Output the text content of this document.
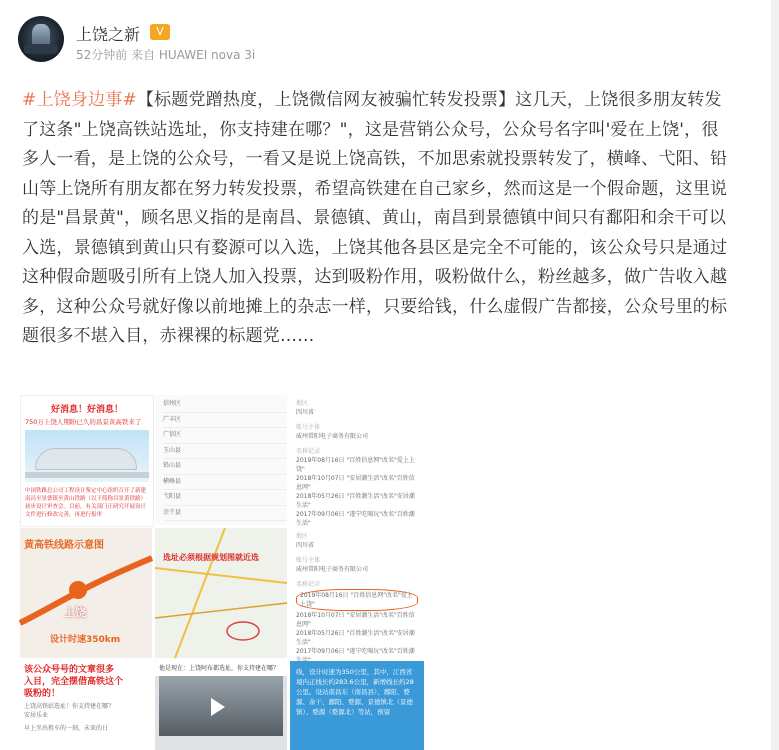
上饶之新	V
52分钟前 来自 HUAWEI nova 3i
#上饶身边事#【标题党蹭热度，上饶微信网友被骗忙转发投票】这几天，上饶很多朋友转发了这条"上饶高铁站选址，你支持建在哪？"，这是营销公众号，公众号名字叫'爱在上饶'，很多人一看，是上饶的公众号，一看又是说上饶高铁，不加思索就投票转发了，横峰、弋阳、铅山等上饶所有朋友都在努力转发投票，希望高铁建在自己家乡，然而这是一个假命题，这里说的是"昌景黄"，顾名思义指的是南昌、景德镇、黄山，南昌到景德镇中间只有鄱阳和余干可以入选，景德镇到黄山只有婺源可以入选，上饶其他各县区是完全不可能的，该公众号只是通过这种假命题吸引所有上饶人加入投票，达到吸粉作用，吸粉做什么，粉丝越多，做广告收入越多，这种公众号就好像以前地摊上的杂志一样，只要给钱，什么虚假广告都接，公众号里的标题很多不堪入目，赤裸裸的标题党……
好消息！好消息！
750万上饶人期盼已久的昌景黄高铁来了
中国铁路总公司工程设计鉴定中心组织召开了新建南昌至景德镇至黄山铁路（以下简称昌景黄铁路）初步设计审查会。目前，有关部门正研究开展设计文件进行修改完善，再进行报审
信州区
广丰区
广信区
玉山县
铅山县
横峰县
弋阳县
余干县
地区
四川省
账号主体
威州常阳电子商务有限公司
名称记录
2019年08月16日 "百姓信息网"改名"爱上上饶"
2018年10月07日 "安居潮生活"改名"百姓信息网"
2018年05月26日 "百姓潮生活"改名"安居潮生活"
2017年09月06日 "遂宁吃喝玩"改名"百姓潮生活"
黄高铁线路示意图
上饶
设计时速350km
选址必须根据规划图就近选
地区
四川省
账号主体
威州常阳电子商务有限公司
名称记录
2019年08月16日 "百姓信息网"改名"爱上上饶"
2018年10月07日 "安居潮生活"改名"百姓信息网"
2018年05月26日 "百姓潮生活"改名"安居潮生活"
2017年09月06日 "遂宁吃喝玩"改名"百姓潮
该公众号号的文章很多
入目，完全摆借高铁这个
吸粉的！
上饶高铁站选址！你支持建在哪？
安居乐业
早上坐出租车的一刻，未来的日
他是现在：上饶阿布都选址，你支持建在哪？	线，设计时速为350公里，其中，江西省境内正线长约283.6公里，新增线长约28公里。设站南昌东（南昌县）、鄱阳、婺源、余干、鄱阳、婺源、景德镇北（景德镇）、婺源（婺源北）等站，预留
